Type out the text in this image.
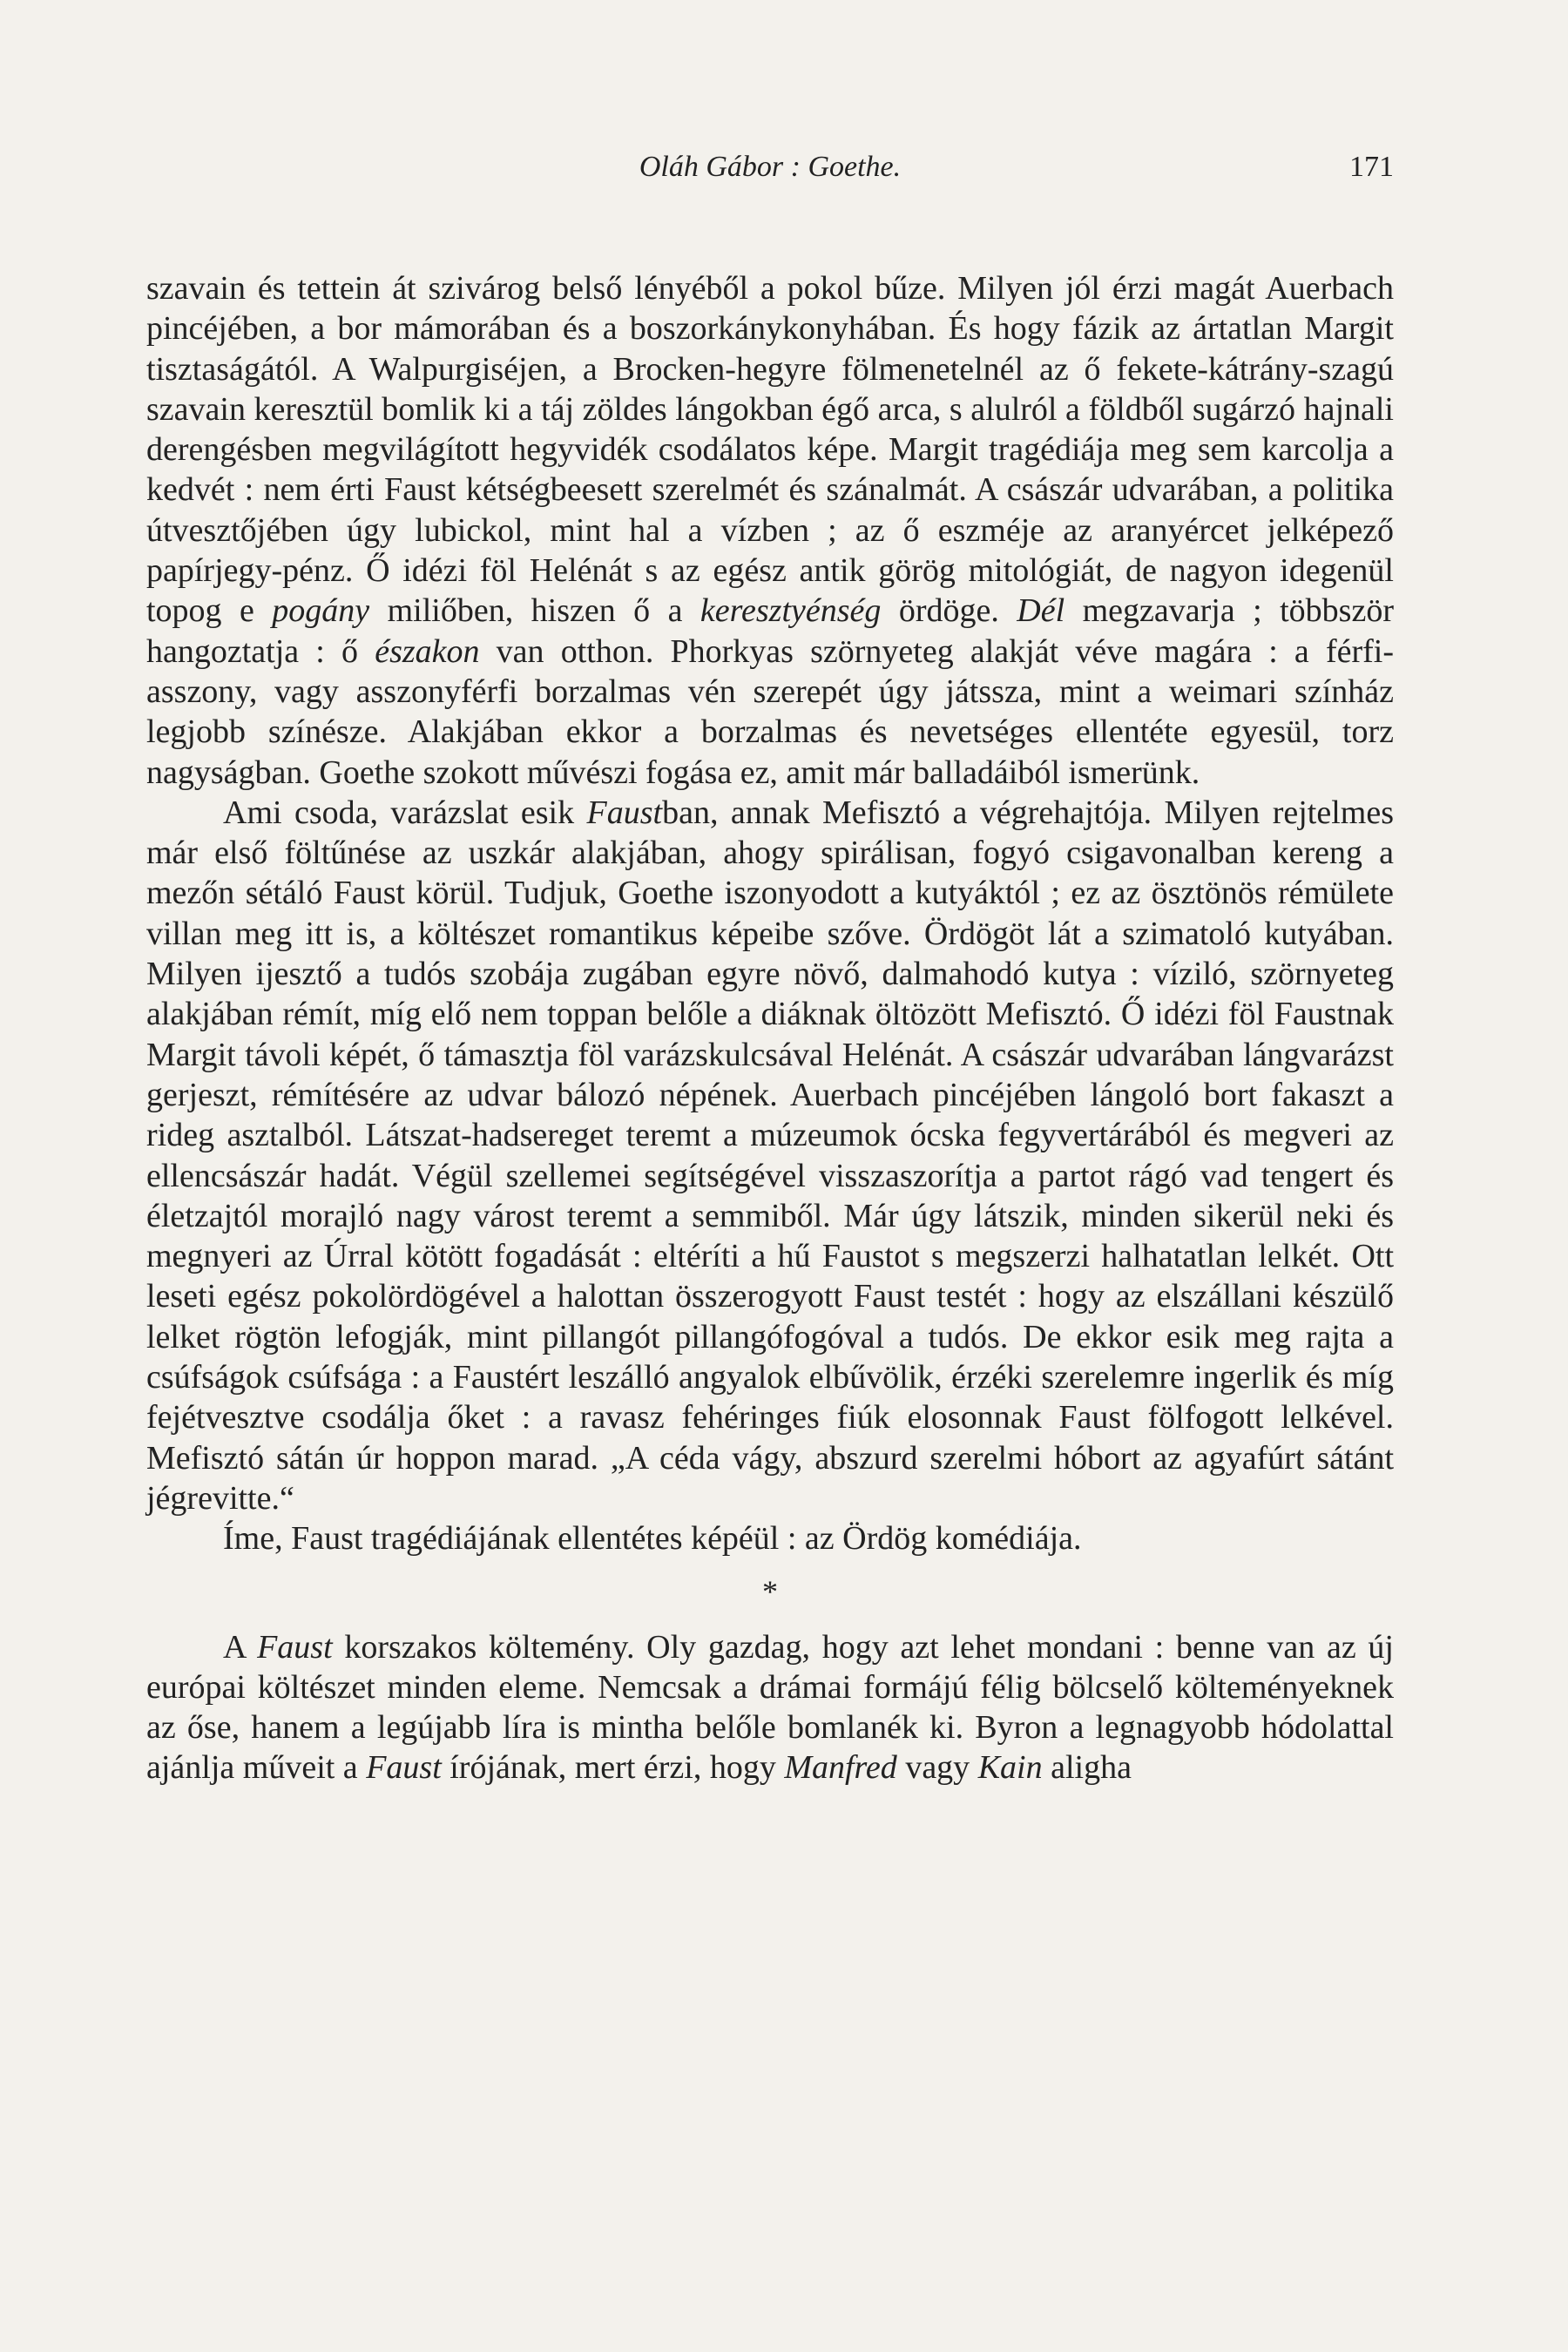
Oláh Gábor : Goethe.	171

szavain és tettein át szivárog belső lényéből a pokol bűze. Milyen jól érzi magát Auerbach pincéjében, a bor mámorában és a boszorkánykonyhában. És hogy fázik az ártatlan Margit tisztaságától. A Walpurgiséjen, a Brocken-hegyre fölmenetelnél az ő fekete-kátrány-szagú szavain keresztül bomlik ki a táj zöldes lángokban égő arca, s alulról a földből sugárzó hajnali derengésben megvilágított hegyvidék csodálatos képe. Margit tragédiája meg sem karcolja a kedvét : nem érti Faust kétségbeesett szerelmét és szánalmát. A császár udvarában, a politika útvesztőjében úgy lubickol, mint hal a vízben ; az ő eszméje az aranyércet jelképező papírjegy-pénz. Ő idézi föl Helénát s az egész antik görög mitológiát, de nagyon idegenül topog e pogány miliőben, hiszen ő a keresztyénség ördöge. Dél megzavarja ; többször hangoztatja : ő északon van otthon. Phorkyas szörnyeteg alakját véve magára : a férfi-asszony, vagy asszonyférfi borzalmas vén szerepét úgy játssza, mint a weimari színház legjobb színésze. Alakjában ekkor a borzalmas és nevetséges ellentéte egyesül, torz nagyságban. Goethe szokott művészi fogása ez, amit már balladáiból ismerünk.

Ami csoda, varázslat esik Faustban, annak Mefisztó a végrehajtója. Milyen rejtelmes már első föltűnése az uszkár alakjában, ahogy spirálisan, fogyó csigavonalban kereng a mezőn sétáló Faust körül. Tudjuk, Goethe iszonyodott a kutyáktól ; ez az ösztönös rémülete villan meg itt is, a költészet romantikus képeibe szőve. Ördögöt lát a szimatoló kutyában. Milyen ijesztő a tudós szobája zugában egyre növő, dalmahodó kutya : víziló, szörnyeteg alakjában rémít, míg elő nem toppan belőle a diáknak öltözött Mefisztó. Ő idézi föl Faustnak Margit távoli képét, ő támasztja föl varázskulcsával Helénát. A császár udvarában lángvarázst gerjeszt, rémítésére az udvar bálozó népének. Auerbach pincéjében lángoló bort fakaszt a rideg asztalból. Látszat-hadsereget teremt a múzeumok ócska fegyvertárából és megveri az ellencsászár hadát. Végül szellemei segítségével visszaszorítja a partot rágó vad tengert és életzajtól morajló nagy várost teremt a semmiből. Már úgy látszik, minden sikerül neki és megnyeri az Úrral kötött fogadását : eltéríti a hű Faustot s megszerzi halhatatlan lelkét. Ott leseti egész pokolördögével a halottan összerogyott Faust testét : hogy az elszállani készülő lelket rögtön lefogják, mint pillangót pillangófogóval a tudós. De ekkor esik meg rajta a csúfságok csúfsága : a Faustért leszálló angyalok elbűvölik, érzéki szerelemre ingerlik és míg fejétvesztve csodálja őket : a ravasz fehéringes fiúk elosonnak Faust fölfogott lelkével. Mefisztó sátán úr hoppon marad. „A céda vágy, abszurd szerelmi hóbort az agyafúrt sátánt jégrevitte.“

Íme, Faust tragédiájának ellentétes képéül : az Ördög komédiája.

*

A Faust korszakos költemény. Oly gazdag, hogy azt lehet mondani : benne van az új európai költészet minden eleme. Nemcsak a drámai formájú félig bölcselő költeményeknek az őse, hanem a legújabb líra is mintha belőle bomlanék ki. Byron a legnagyobb hódolattal ajánlja műveit a Faust írójának, mert érzi, hogy Manfred vagy Kain aligha
